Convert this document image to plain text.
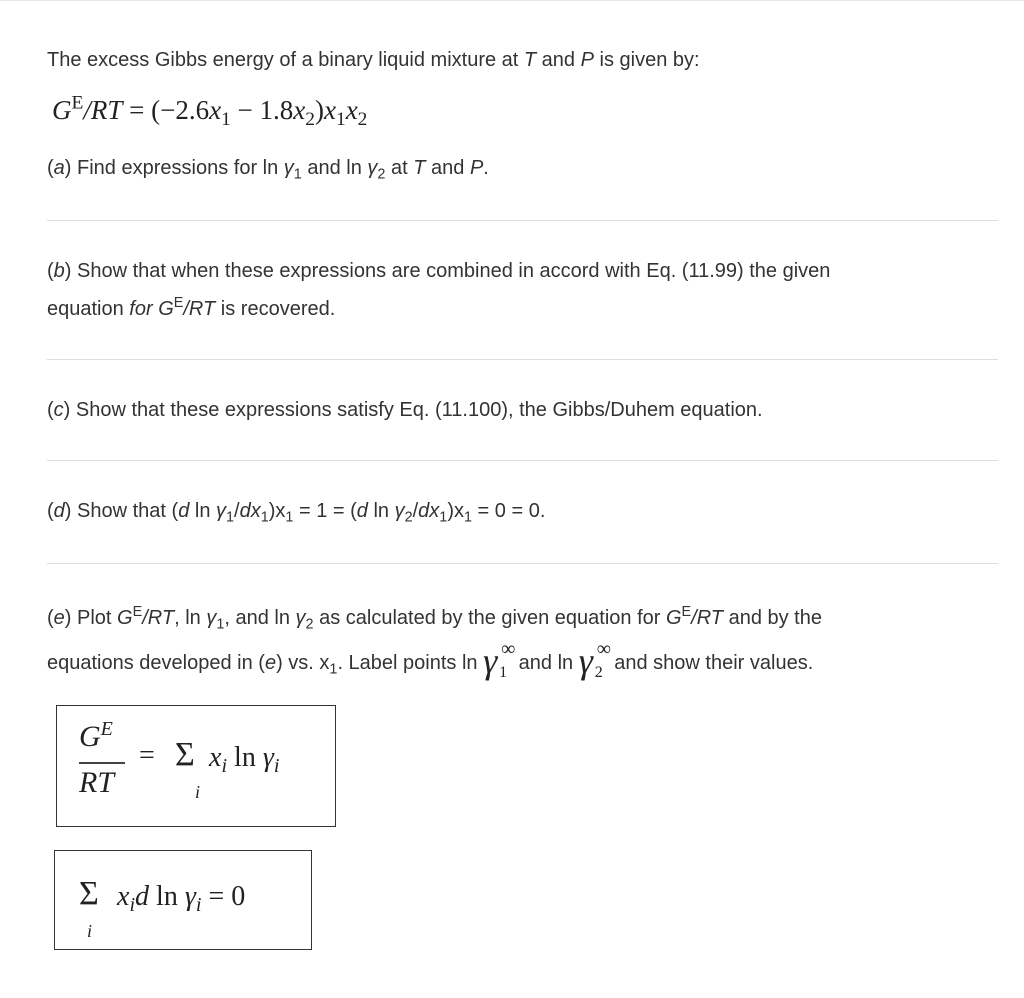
The excess Gibbs energy of a binary liquid mixture at T and P is given by:
$G^E/RT = (-2.6x_1 - 1.8x_2)x_1x_2$
(a) Find expressions for $\ln \gamma_1$ and $\ln \gamma_2$ at T and P.
(b) Show that when these expressions are combined in accord with Eq. (11.99) the given
equation for $G^E/RT$ is recovered.
(c) Show that these expressions satisfy Eq. (11.100), the Gibbs/Duhem equation.
(d) Show that (d $\ln \gamma_1/dx_1)x_1 = 1 = (d$ $\ln \gamma_2/dx_1)x_1 = 0 = 0$.
(e) Plot $G^E/RT$, $\ln \gamma_1$, and $\ln \gamma_2$ as calculated by the given equation for $G^E/RT$ and by the
equations developed in (e) vs. $x_1$. Label points ln γ 1
∞
and ln γ 2
∞
and show their values.
$G^E$
RT
= Σ
i
$x_i$ $\ln \gamma_i$
Σ
i
$x_id$ $\ln \gamma_i = 0$
